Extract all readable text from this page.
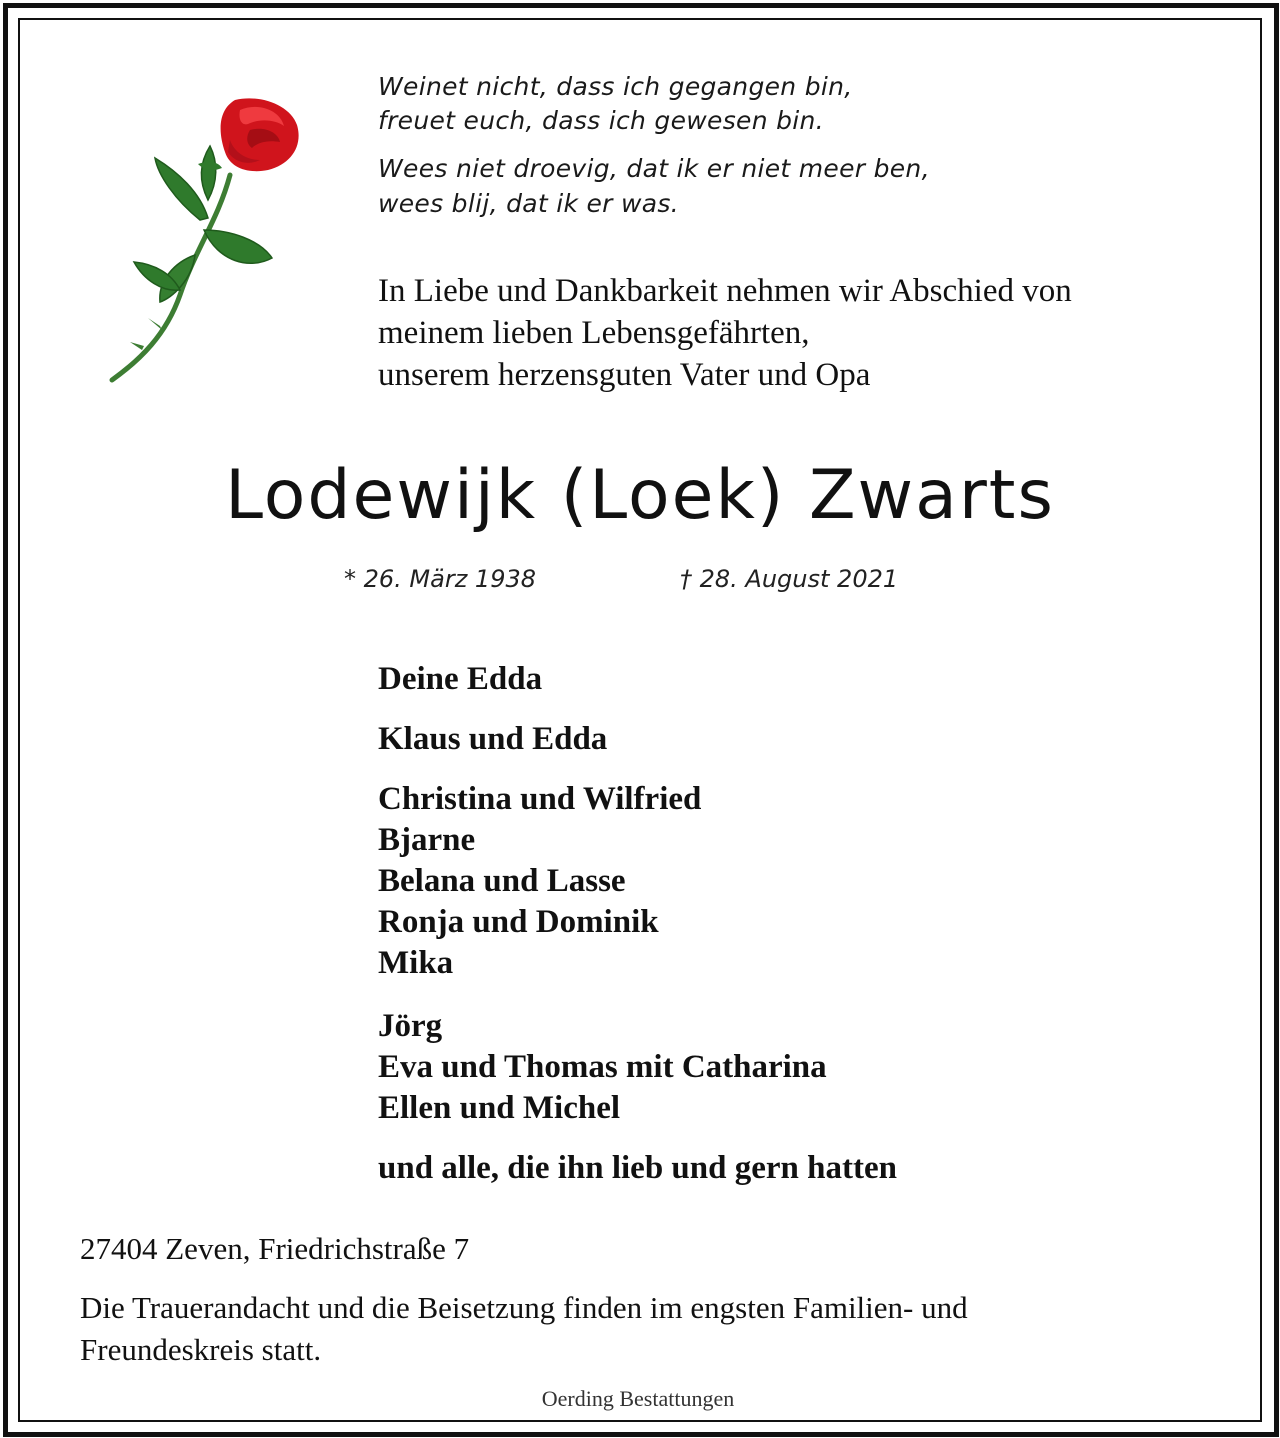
Weinet nicht, dass ich gegangen bin,
freuet euch, dass ich gewesen bin.
Wees niet droevig, dat ik er niet meer ben,
wees blij, dat ik er was.
In Liebe und Dankbarkeit nehmen wir Abschied von
meinem lieben Lebensgefährten,
unserem herzensguten Vater und Opa
Lodewijk (Loek) Zwarts
* 26. März 1938	† 28. August 2021
Deine Edda
Klaus und Edda
Christina und Wilfried
Bjarne
Belana und Lasse
Ronja und Dominik
Mika
Jörg
Eva und Thomas mit Catharina
Ellen und Michel
und alle, die ihn lieb und gern hatten
27404 Zeven, Friedrichstraße 7
Die Trauerandacht und die Beisetzung finden im engsten Familien- und
Freundeskreis statt.
Oerding Bestattungen
